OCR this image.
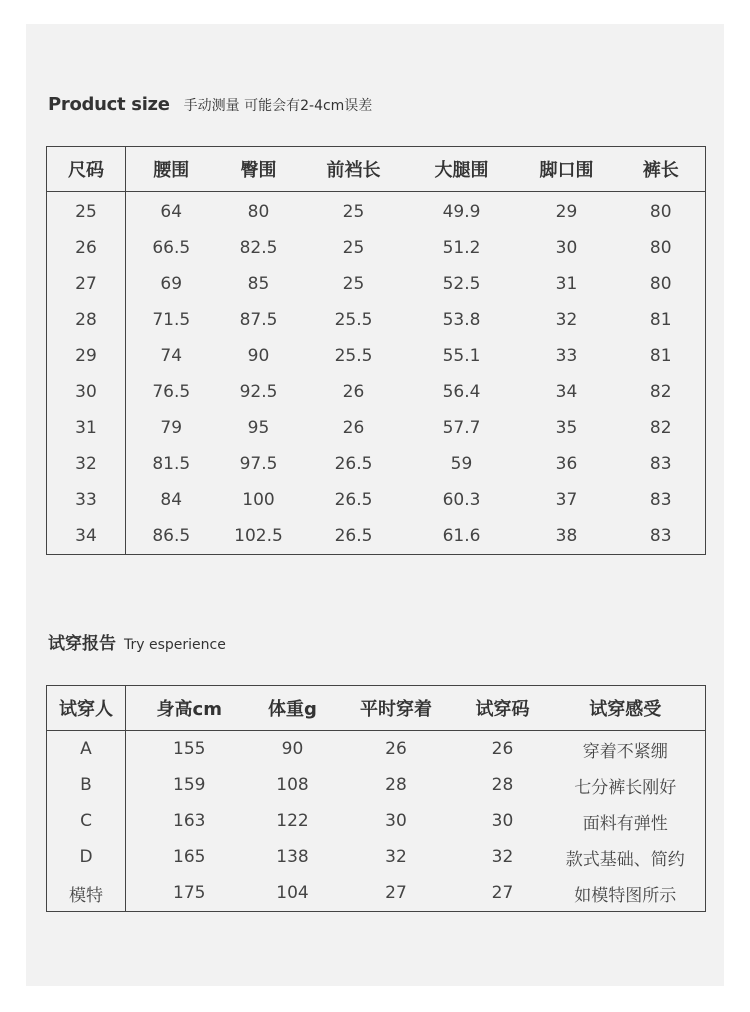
Product size 手动测量 可能会有2-4cm误差
尺码	腰围	臀围	前裆长	大腿围	脚口围	裤长
25	64	80	25	49.9	29	80
26	66.5	82.5	25	51.2	30	80
27	69	85	25	52.5	31	80
28	71.5	87.5	25.5	53.8	32	81
29	74	90	25.5	55.1	33	81
30	76.5	92.5	26	56.4	34	82
31	79	95	26	57.7	35	82
32	81.5	97.5	26.5	59	36	83
33	84	100	26.5	60.3	37	83
34	86.5	102.5	26.5	61.6	38	83
试穿报告 Try esperience
试穿人	身高cm	体重g	平时穿着	试穿码	试穿感受
A	155	90	26	26	穿着不紧绷
B	159	108	28	28	七分裤长刚好
C	163	122	30	30	面料有弹性
D	165	138	32	32	款式基础、简约
模特	175	104	27	27	如模特图所示
